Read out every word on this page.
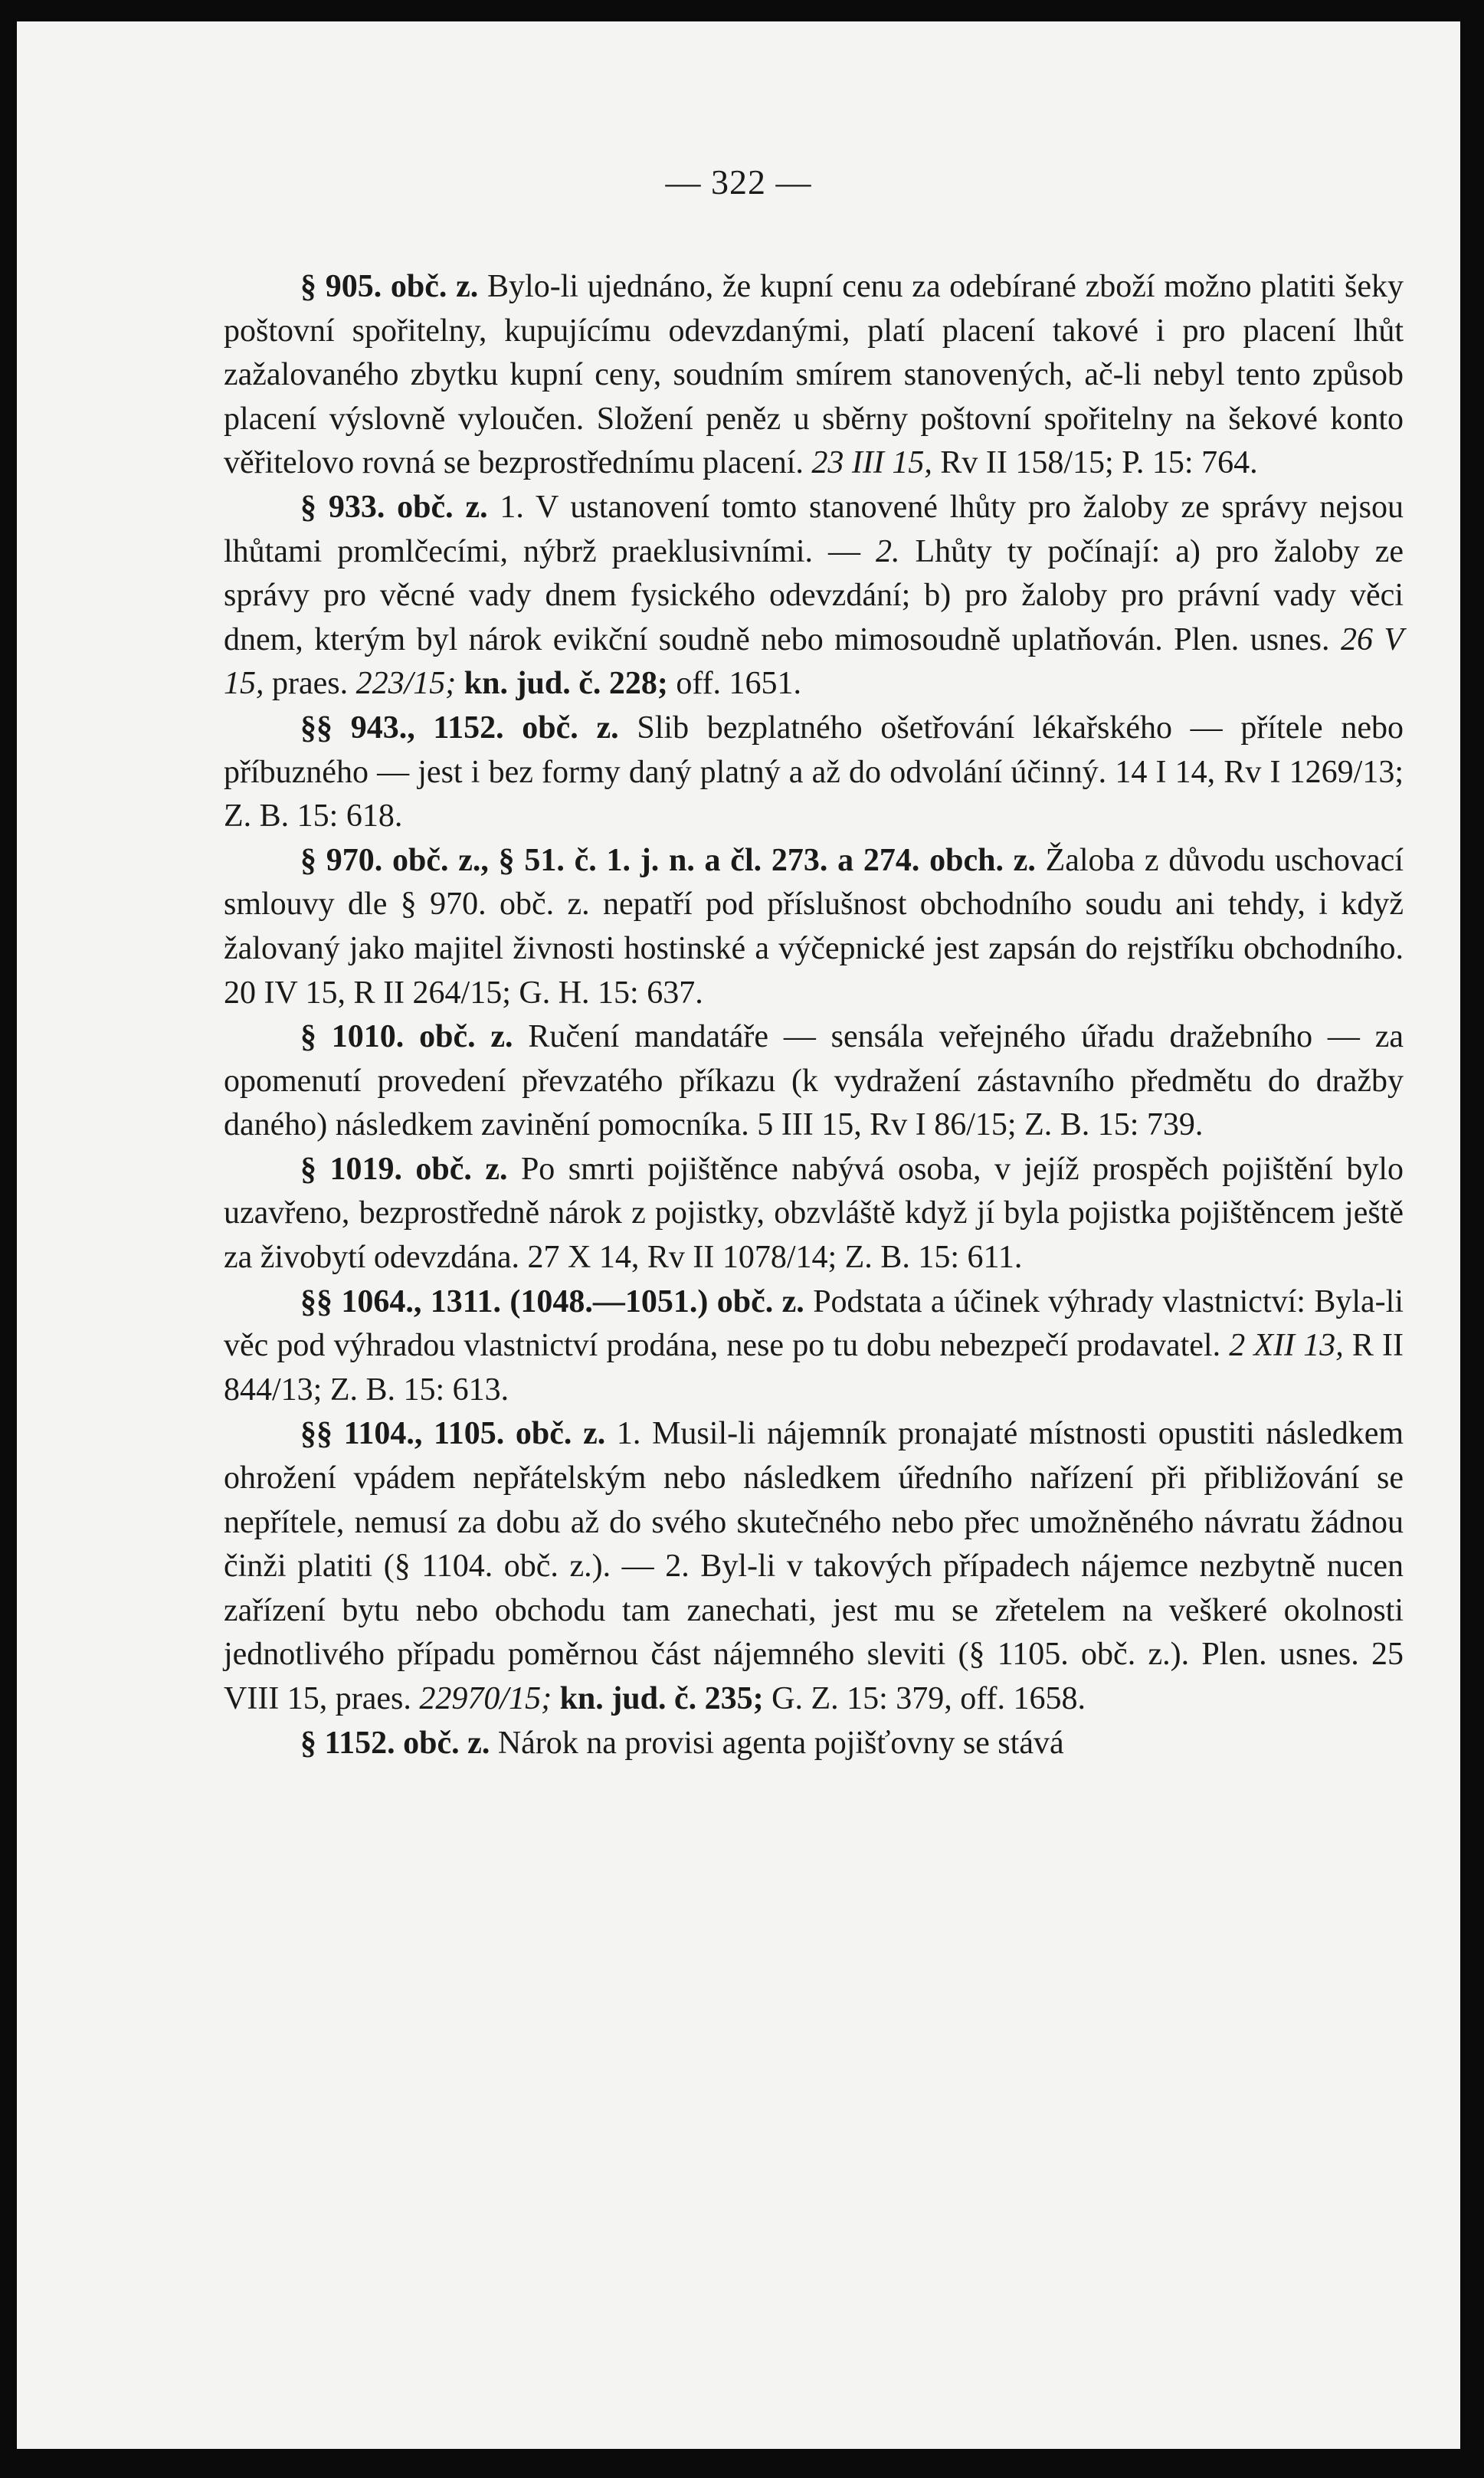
— 322 —

§ 905. obč. z. Bylo-li ujednáno, že kupní cenu za odebírané zboží možno platiti šeky poštovní spořitelny, kupujícímu odevzdanými, platí placení takové i pro placení lhůt zažalovaného zbytku kupní ceny, soudním smírem stanovených, ač-li nebyl tento způsob placení výslovně vyloučen. Složení peněz u sběrny poštovní spořitelny na šekové konto věřitelovo rovná se bezprostřednímu placení. 23 III 15, Rv II 158/15; P. 15: 764.

§ 933. obč. z. 1. V ustanovení tomto stanovené lhůty pro žaloby ze správy nejsou lhůtami promlčecími, nýbrž praeklusivními. — 2. Lhůty ty počínají: a) pro žaloby ze správy pro věcné vady dnem fysického odevzdání; b) pro žaloby pro právní vady věci dnem, kterým byl nárok evikční soudně nebo mimosoudně uplatňován. Plen. usnes. 26 V 15, praes. 223/15; kn. jud. č. 228; off. 1651.

§§ 943., 1152. obč. z. Slib bezplatného ošetřování lékařského — přítele nebo příbuzného — jest i bez formy daný platný a až do odvolání účinný. 14 I 14, Rv I 1269/13; Z. B. 15: 618.

§ 970. obč. z., § 51. č. 1. j. n. a čl. 273. a 274. obch. z. Žaloba z důvodu uschovací smlouvy dle § 970. obč. z. nepatří pod příslušnost obchodního soudu ani tehdy, i když žalovaný jako majitel živnosti hostinské a výčepnické jest zapsán do rejstříku obchodního. 20 IV 15, R II 264/15; G. H. 15: 637.

§ 1010. obč. z. Ručení mandatáře — sensála veřejného úřadu dražebního — za opomenutí provedení převzatého příkazu (k vydražení zástavního předmětu do dražby daného) následkem zavinění pomocníka. 5 III 15, Rv I 86/15; Z. B. 15: 739.

§ 1019. obč. z. Po smrti pojištěnce nabývá osoba, v jejíž prospěch pojištění bylo uzavřeno, bezprostředně nárok z pojistky, obzvláště když jí byla pojistka pojištěncem ještě za živobytí odevzdána. 27 X 14, Rv II 1078/14; Z. B. 15: 611.

§§ 1064., 1311. (1048.—1051.) obč. z. Podstata a účinek výhrady vlastnictví: Byla-li věc pod výhradou vlastnictví prodána, nese po tu dobu nebezpečí prodavatel. 2 XII 13, R II 844/13; Z. B. 15: 613.

§§ 1104., 1105. obč. z. 1. Musil-li nájemník pronajaté místnosti opustiti následkem ohrožení vpádem nepřátelským nebo následkem úředního nařízení při přibližování se nepřítele, nemusí za dobu až do svého skutečného nebo přec umožněného návratu žádnou činži platiti (§ 1104. obč. z.). — 2. Byl-li v takových případech nájemce nezbytně nucen zařízení bytu nebo obchodu tam zanechati, jest mu se zřetelem na veškeré okolnosti jednotlivého případu poměrnou část nájemného sleviti (§ 1105. obč. z.). Plen. usnes. 25 VIII 15, praes. 22970/15; kn. jud. č. 235; G. Z. 15: 379, off. 1658.

§ 1152. obč. z. Nárok na provisi agenta pojišťovny se stává
